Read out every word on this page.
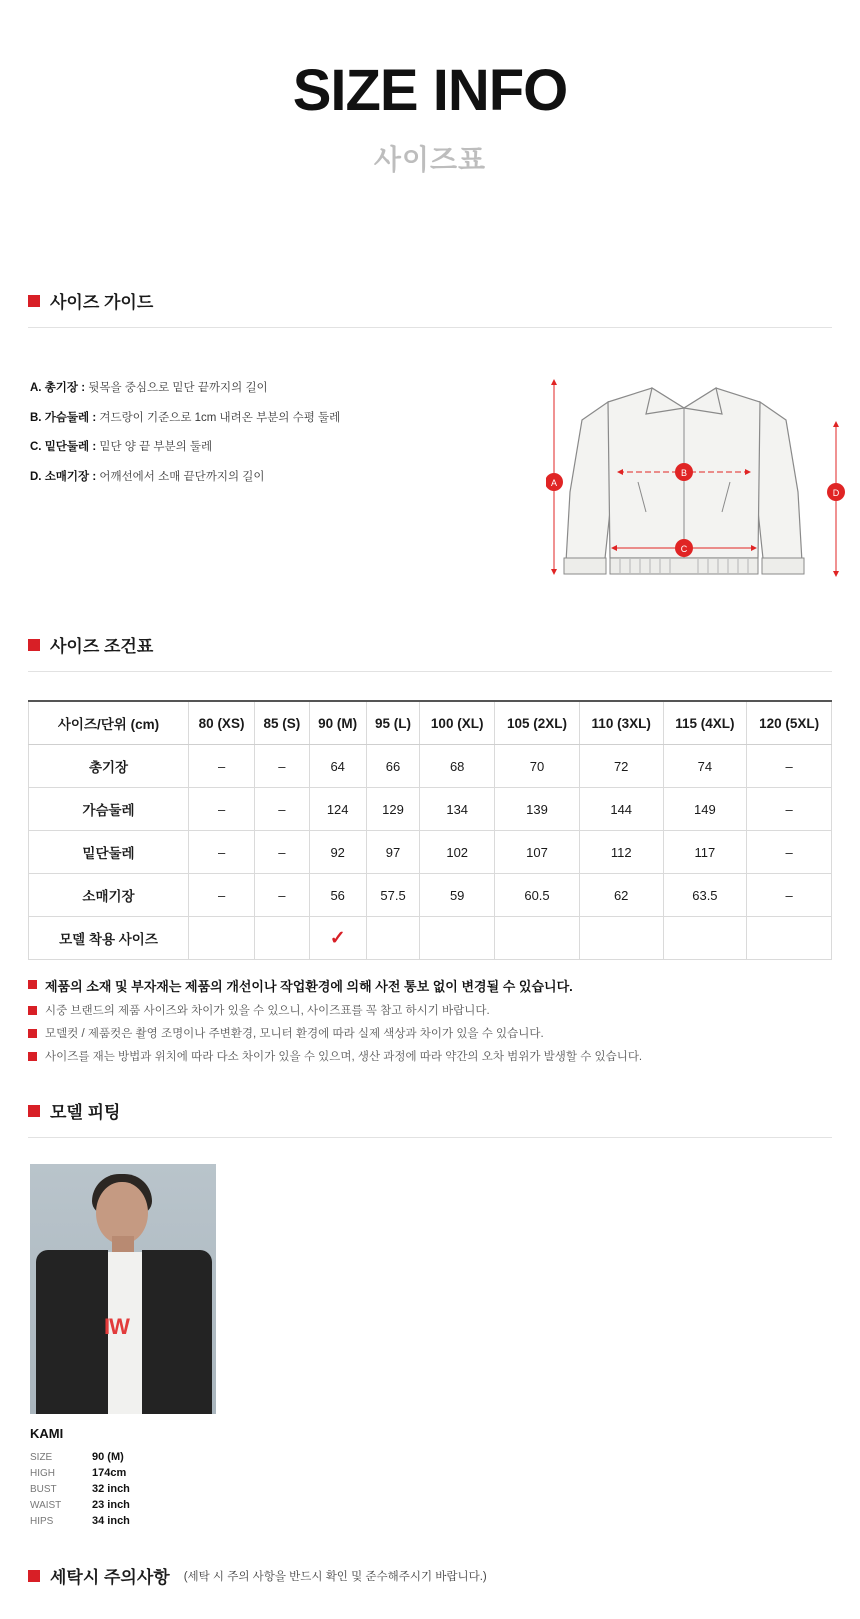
SIZE INFO
사이즈표
사이즈 가이드
A. 총기장 : 뒷목을 중심으로 밑단 끝까지의 길이
B. 가슴둘레 : 겨드랑이 기준으로 1cm 내려온 부분의 수평 둘레
C. 밑단둘레 : 밑단 양 끝 부분의 둘레
D. 소매기장 : 어깨선에서 소매 끝단까지의 길이	A
B
C
D
사이즈 조건표
사이즈/단위 (cm)	80 (XS)	85 (S)	90 (M)	95 (L)	100 (XL)	105 (2XL)	110 (3XL)	115 (4XL)	120 (5XL)
총기장	–	–	64	66	68	70	72	74	–
가슴둘레	–	–	124	129	134	139	144	149	–
밑단둘레	–	–	92	97	102	107	112	117	–
소매기장	–	–	56	57.5	59	60.5	62	63.5	–
모델 착용 사이즈			✓						
제품의 소재 및 부자재는 제품의 개선이나 작업환경에 의해 사전 통보 없이 변경될 수 있습니다.
시중 브랜드의 제품 사이즈와 차이가 있을 수 있으니, 사이즈표를 꼭 참고 하시기 바랍니다.
모델컷 / 제품컷은 촬영 조명이나 주변환경, 모니터 환경에 따라 실제 색상과 차이가 있을 수 있습니다.
사이즈를 재는 방법과 위치에 따라 다소 차이가 있을 수 있으며, 생산 과정에 따라 약간의 오차 범위가 발생할 수 있습니다.
모델 피팅
IW
KAMI
SIZE	90 (M)
HIGH	174cm
BUST	32 inch
WAIST	23 inch
HIPS	34 inch
세탁시 주의사항 (세탁 시 주의 사항을 반드시 확인 및 준수해주시기 바랍니다.)
